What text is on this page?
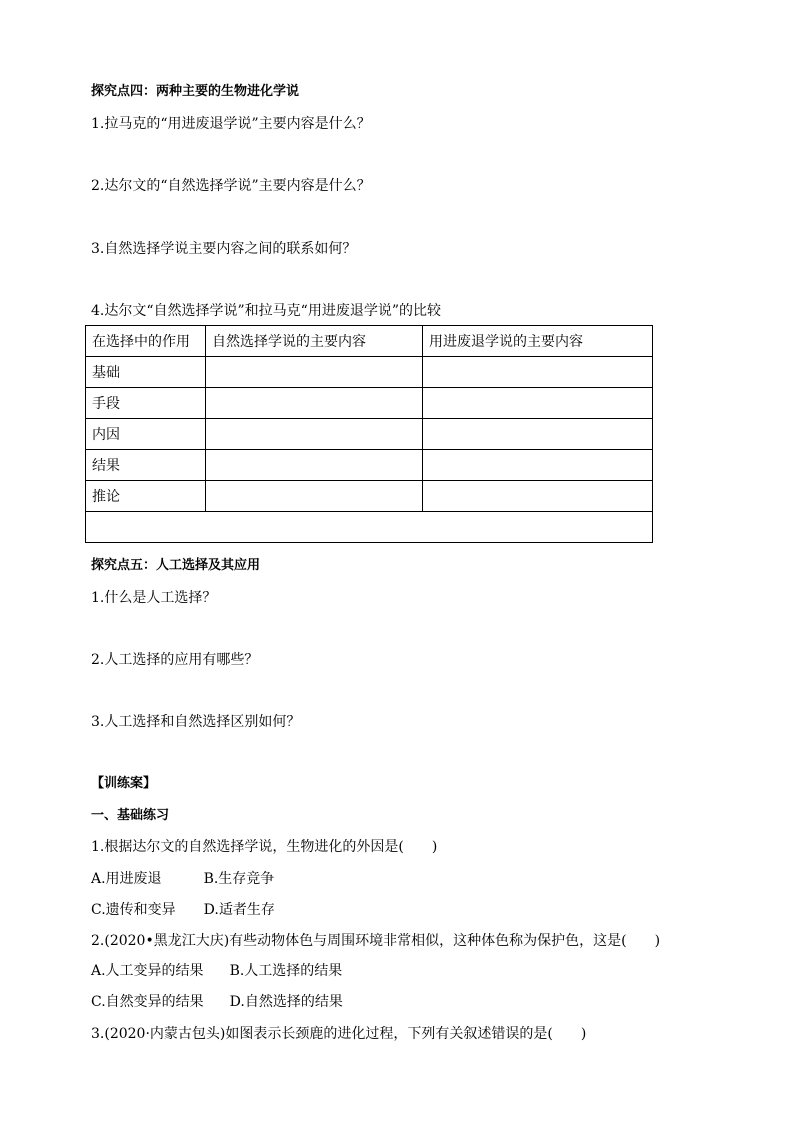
探究点四：两种主要的生物进化学说
1.拉马克的“用进废退学说”主要内容是什么？
2.达尔文的“自然选择学说”主要内容是什么？
3.自然选择学说主要内容之间的联系如何？
4.达尔文“自然选择学说”和拉马克“用进废退学说”的比较
在选择中的作用	自然选择学说的主要内容	用进废退学说的主要内容
基础		
手段		
内因		
结果		
推论		

探究点五：人工选择及其应用
1.什么是人工选择？
2.人工选择的应用有哪些？
3.人工选择和自然选择区别如何？
【训练案】
一、基础练习
1.根据达尔文的自然选择学说，生物进化的外因是(　　)
A.用进废退	B.生存竞争
C.遗传和变异 D.适者生存
2.(2020•黑龙江大庆)有些动物体色与周围环境非常相似，这种体色称为保护色，这是(　　)
A.人工变异的结果 B.人工选择的结果
C.自然变异的结果 D.自然选择的结果
3.(2020·内蒙古包头)如图表示长颈鹿的进化过程，下列有关叙述错误的是(　　)
